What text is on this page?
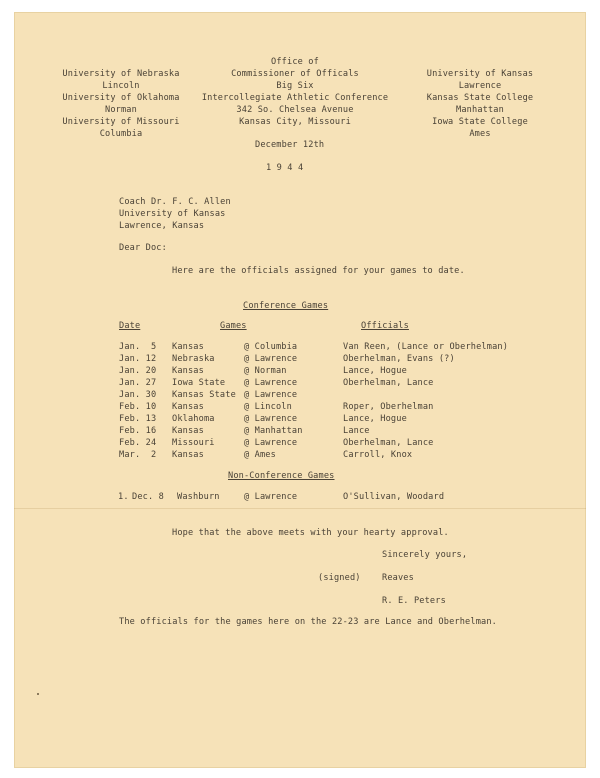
University of Nebraska

Lincoln

University of Oklahoma

Norman

University of Missouri

Columbia

Office of

Commissioner of Officals

Big Six

Intercollegiate Athletic Conference

342 So. Chelsea Avenue

Kansas City, Missouri

University of Kansas

Lawrence

Kansas State College

Manhattan

Iowa State College

Ames

December 12th

1 9 4 4

Coach Dr. F. C. Allen

University of Kansas

Lawrence, Kansas

Dear Doc:

Here are the officials assigned for your games to date.

Conference Games

Date	Games	Officials

Jan.  5 Kansas	@ Columbia	Van Reen, (Lance or Oberhelman)

Jan. 12 Nebraska	@ Lawrence	Oberhelman, Evans (?)

Jan. 20 Kansas	@ Norman	Lance, Hogue

Jan. 27 Iowa State @ Lawrence	Oberhelman, Lance

Jan. 30 Kansas State @ Lawrence

Feb. 10 Kansas	@ Lincoln	Roper, Oberhelman

Feb. 13 Oklahoma	@ Lawrence	Lance, Hogue

Feb. 16 Kansas	@ Manhattan	Lance

Feb. 24 Missouri	@ Lawrence	Oberhelman, Lance

Mar.  2 Kansas	@ Ames	Carroll, Knox

Non-Conference Games

1. Dec. 8 Washburn	@ Lawrence	O'Sullivan, Woodard

Hope that the above meets with your hearty approval.

Sincerely yours,

(signed) Reaves

R. E. Peters

The officials for the games here on the 22-23 are Lance and Oberhelman.
